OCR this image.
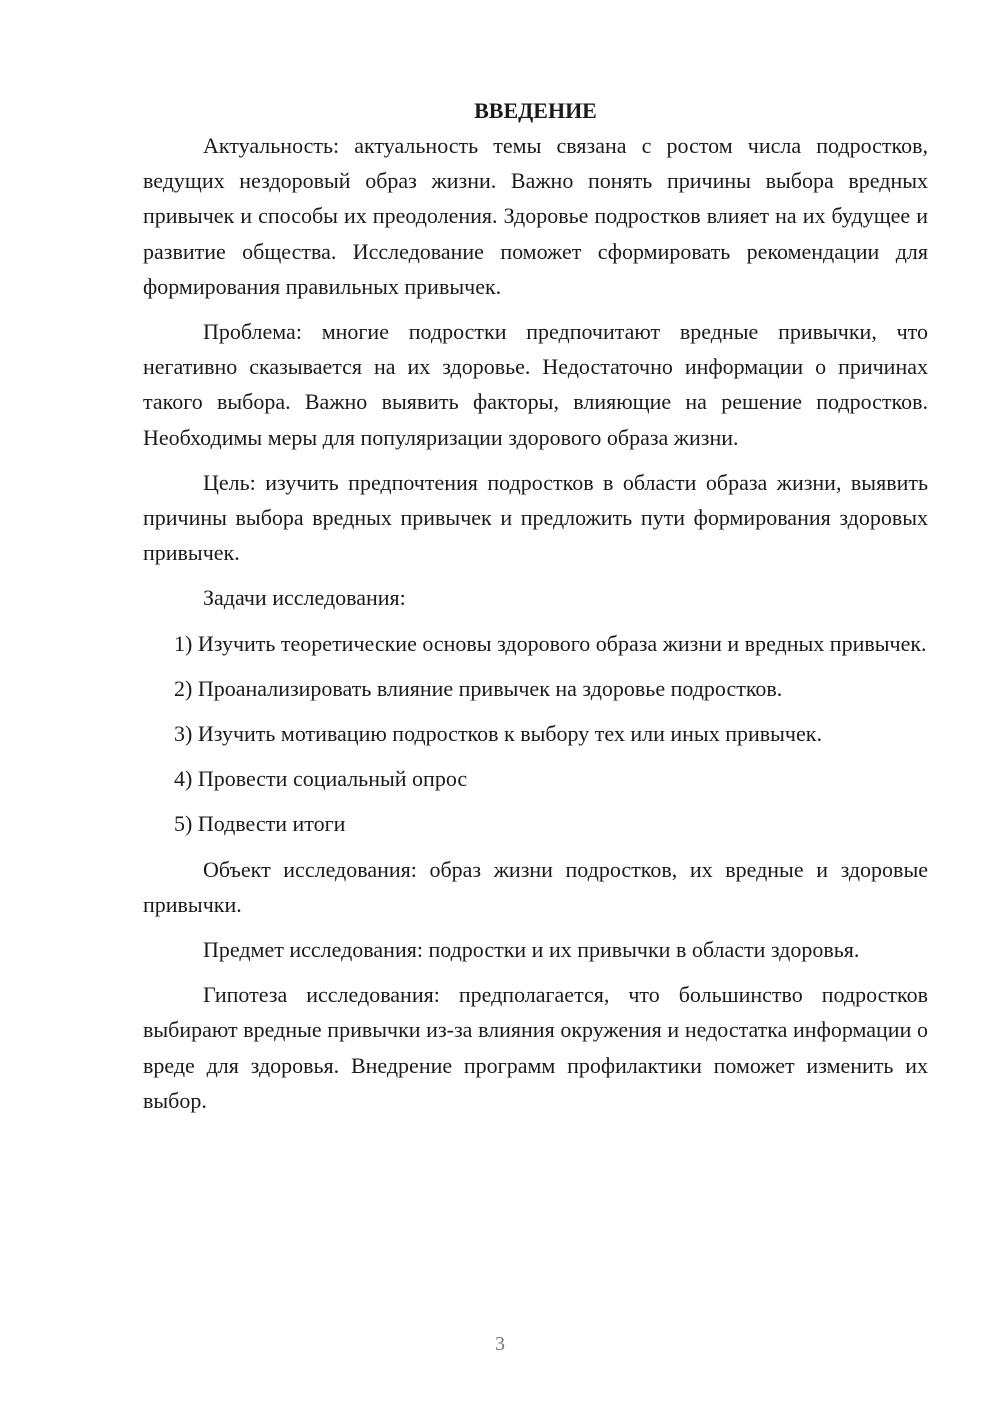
ВВЕДЕНИЕ

Актуальность: актуальность темы связана с ростом числа подростков, ведущих нездоровый образ жизни. Важно понять причины выбора вредных привычек и способы их преодоления. Здоровье подростков влияет на их будущее и развитие общества. Исследование поможет сформировать рекомендации для формирования правильных привычек.

Проблема: многие подростки предпочитают вредные привычки, что негативно сказывается на их здоровье. Недостаточно информации о причинах такого выбора. Важно выявить факторы, влияющие на решение подростков. Необходимы меры для популяризации здорового образа жизни.

Цель: изучить предпочтения подростков в области образа жизни, выявить причины выбора вредных привычек и предложить пути формирования здоровых привычек.

Задачи исследования:

1) Изучить теоретические основы здорового образа жизни и вредных привычек.

2) Проанализировать влияние привычек на здоровье подростков.

3) Изучить мотивацию подростков к выбору тех или иных привычек.

4) Провести социальный опрос

5) Подвести итоги

Объект исследования: образ жизни подростков, их вредные и здоровые привычки.

Предмет исследования: подростки и их привычки в области здоровья.

Гипотеза исследования: предполагается, что большинство подростков выбирают вредные привычки из-за влияния окружения и недостатка информации о вреде для здоровья. Внедрение программ профилактики поможет изменить их выбор.

3
